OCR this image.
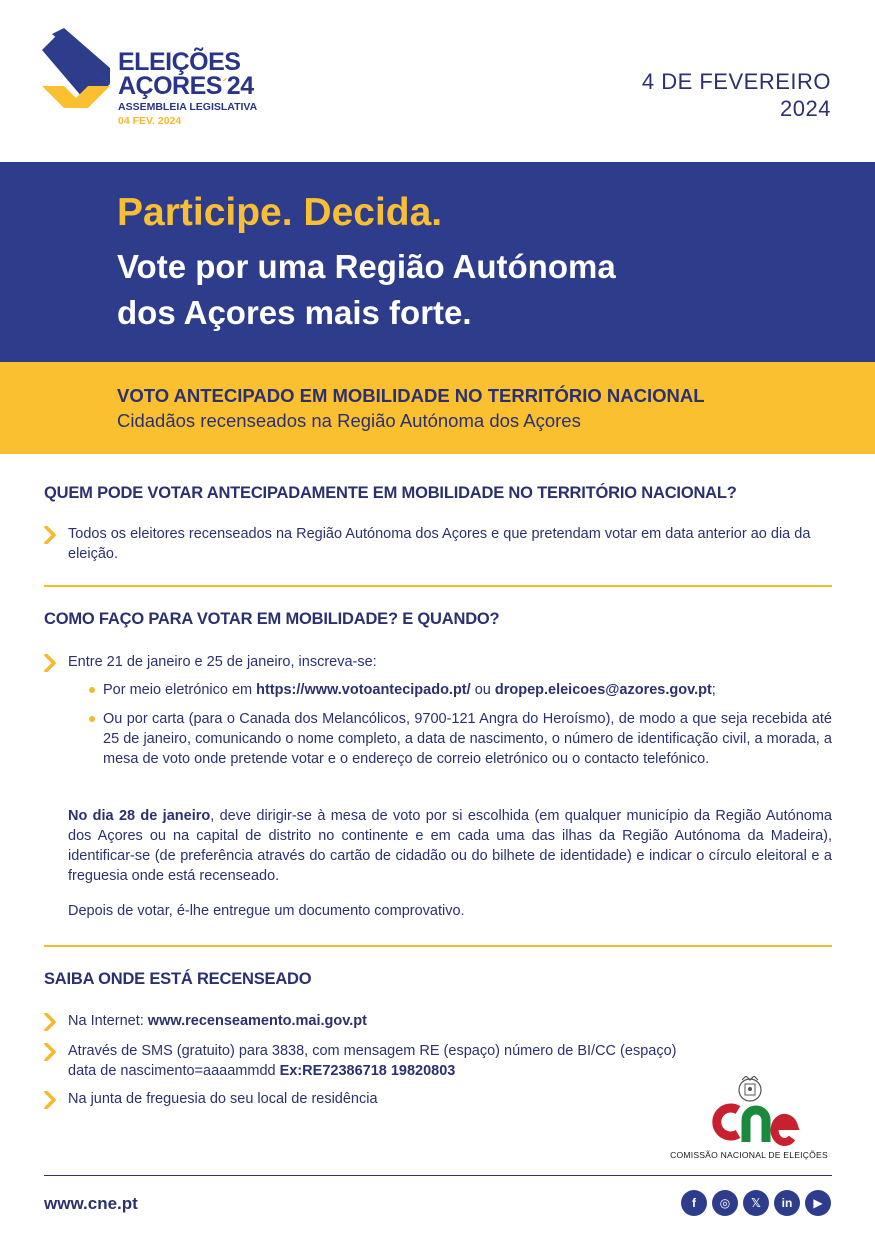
ELEIÇÕES
AÇORES´24
ASSEMBLEIA LEGISLATIVA
04 FEV. 2024
4 DE FEVEREIRO
2024
Participe. Decida.
Vote por uma Região Autónoma
dos Açores mais forte.
VOTO ANTECIPADO EM MOBILIDADE NO TERRITÓRIO NACIONAL
Cidadãos recenseados na Região Autónoma dos Açores
QUEM PODE VOTAR ANTECIPADAMENTE EM MOBILIDADE NO TERRITÓRIO NACIONAL?
Todos os eleitores recenseados na Região Autónoma dos Açores e que pretendam votar em data anterior ao dia da eleição.
COMO FAÇO PARA VOTAR EM MOBILIDADE? E QUANDO?
Entre 21 de janeiro e 25 de janeiro, inscreva-se:
Por meio eletrónico em https://www.votoantecipado.pt/ ou dropep.eleicoes@azores.gov.pt;
Ou por carta (para o Canada dos Melancólicos, 9700-121 Angra do Heroísmo), de modo a que seja recebida até 25 de janeiro, comunicando o nome completo, a data de nascimento, o número de identificação civil, a morada, a mesa de voto onde pretende votar e o endereço de correio eletrónico ou o contacto telefónico.
No dia 28 de janeiro, deve dirigir-se à mesa de voto por si escolhida (em qualquer município da Região Autónoma dos Açores ou na capital de distrito no continente e em cada uma das ilhas da Região Autónoma da Madeira), identificar-se (de preferência através do cartão de cidadão ou do bilhete de identidade) e indicar o círculo eleitoral e a freguesia onde está recenseado.
Depois de votar, é-lhe entregue um documento comprovativo.
SAIBA ONDE ESTÁ RECENSEADO
Na Internet: www.recenseamento.mai.gov.pt
Através de SMS (gratuito) para 3838, com mensagem RE (espaço) número de BI/CC (espaço)
data de nascimento=aaaammdd Ex:RE72386718 19820803
Na junta de freguesia do seu local de residência
COMISSÃO NACIONAL DE ELEIÇÕES
www.cne.pt	f	◎	𝕏	in	▶
